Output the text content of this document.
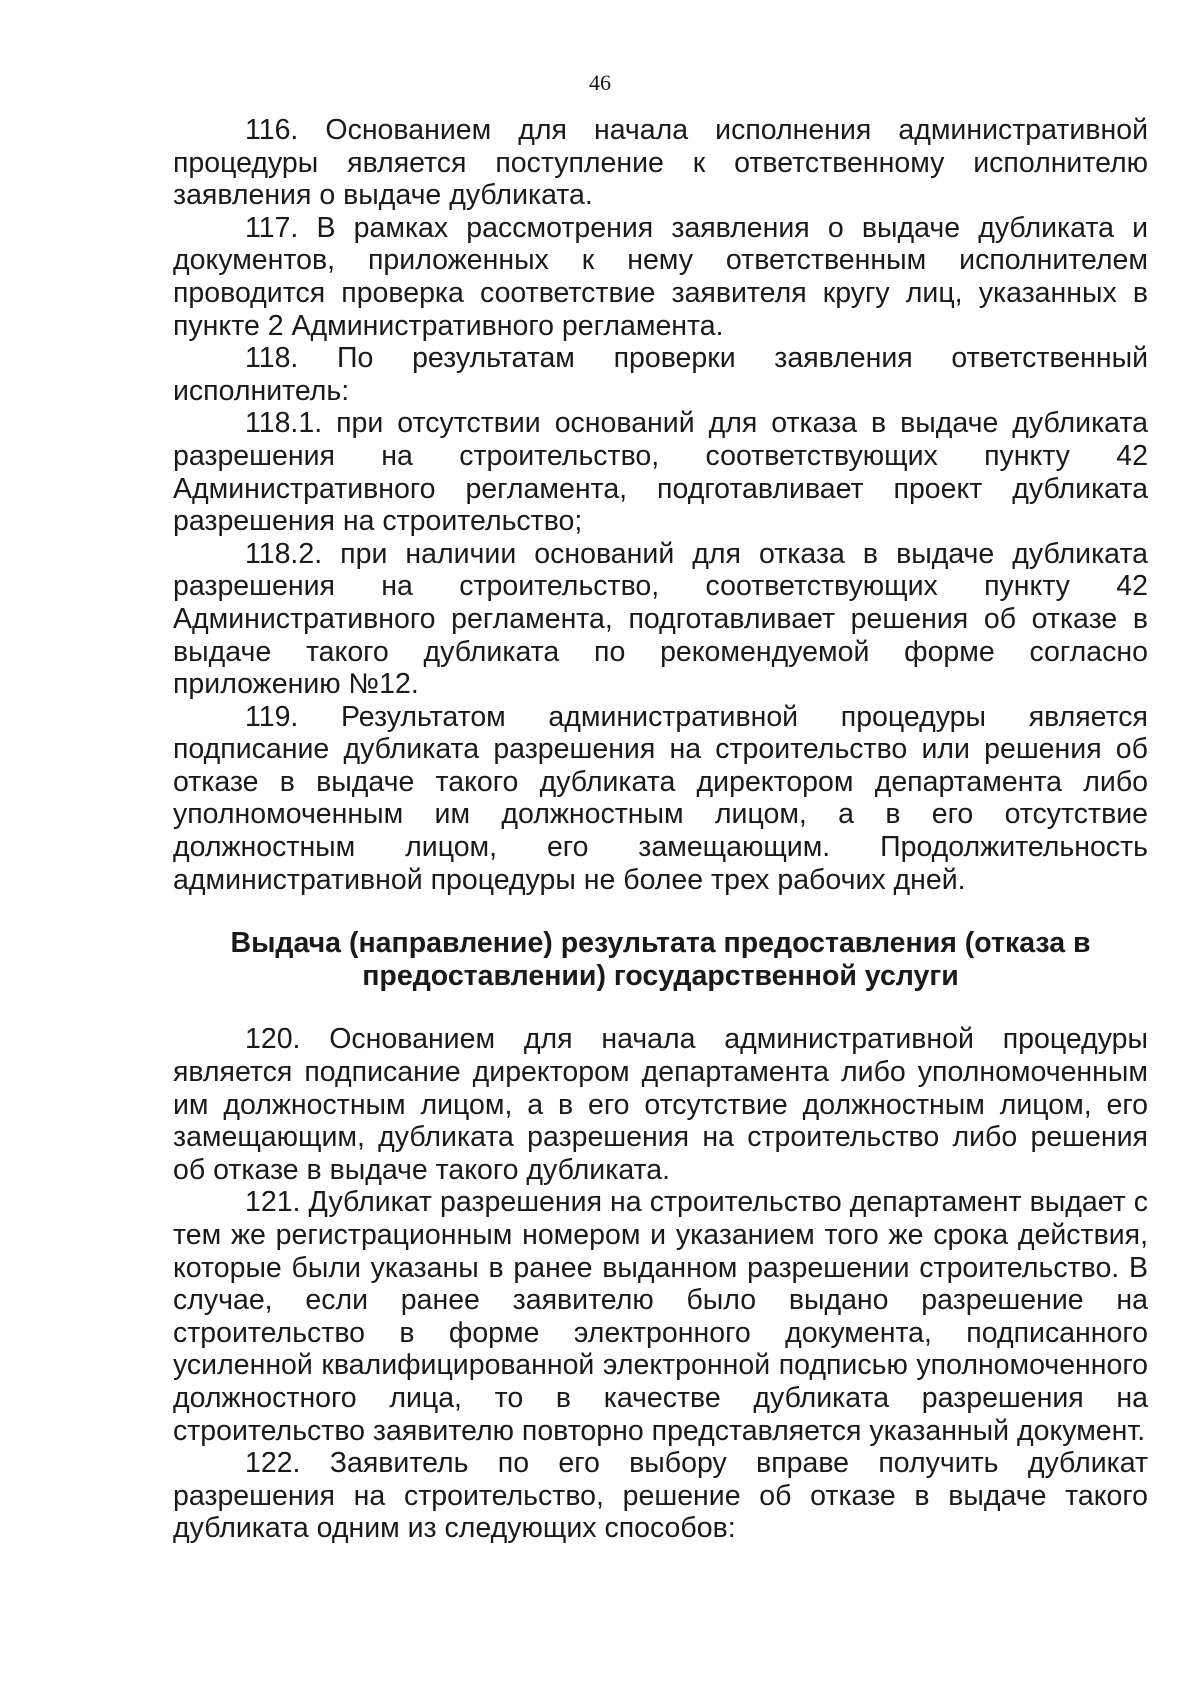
46

116. Основанием для начала исполнения административной процедуры является поступление к ответственному исполнителю заявления о выдаче дубликата.

117. В рамках рассмотрения заявления о выдаче дубликата и документов, приложенных к нему ответственным исполнителем проводится проверка соответствие заявителя кругу лиц, указанных в пункте 2 Административного регламента.

118. По результатам проверки заявления ответственный исполнитель:

118.1. при отсутствии оснований для отказа в выдаче дубликата разрешения на строительство, соответствующих пункту 42 Административного регламента, подготавливает проект дубликата разрешения на строительство;

118.2. при наличии оснований для отказа в выдаче дубликата разрешения на строительство, соответствующих пункту 42 Административного регламента, подготавливает решения об отказе в выдаче такого дубликата по рекомендуемой форме согласно приложению №12.

119. Результатом административной процедуры является подписание дубликата разрешения на строительство или решения об отказе в выдаче такого дубликата директором департамента либо уполномоченным им должностным лицом, а в его отсутствие должностным лицом, его замещающим. Продолжительность административной процедуры не более трех рабочих дней.

Выдача (направление) результата предоставления (отказа в предоставлении) государственной услуги

120. Основанием для начала административной процедуры является подписание директором департамента либо уполномоченным им должностным лицом, а в его отсутствие должностным лицом, его замещающим, дубликата разрешения на строительство либо решения об отказе в выдаче такого дубликата.

121. Дубликат разрешения на строительство департамент выдает с тем же регистрационным номером и указанием того же срока действия, которые были указаны в ранее выданном разрешении строительство. В случае, если ранее заявителю было выдано разрешение на строительство в форме электронного документа, подписанного усиленной квалифицированной электронной подписью уполномоченного должностного лица, то в качестве дубликата разрешения на строительство заявителю повторно представляется указанный документ.

122. Заявитель по его выбору вправе получить дубликат разрешения на строительство, решение об отказе в выдаче такого дубликата одним из следующих способов:
